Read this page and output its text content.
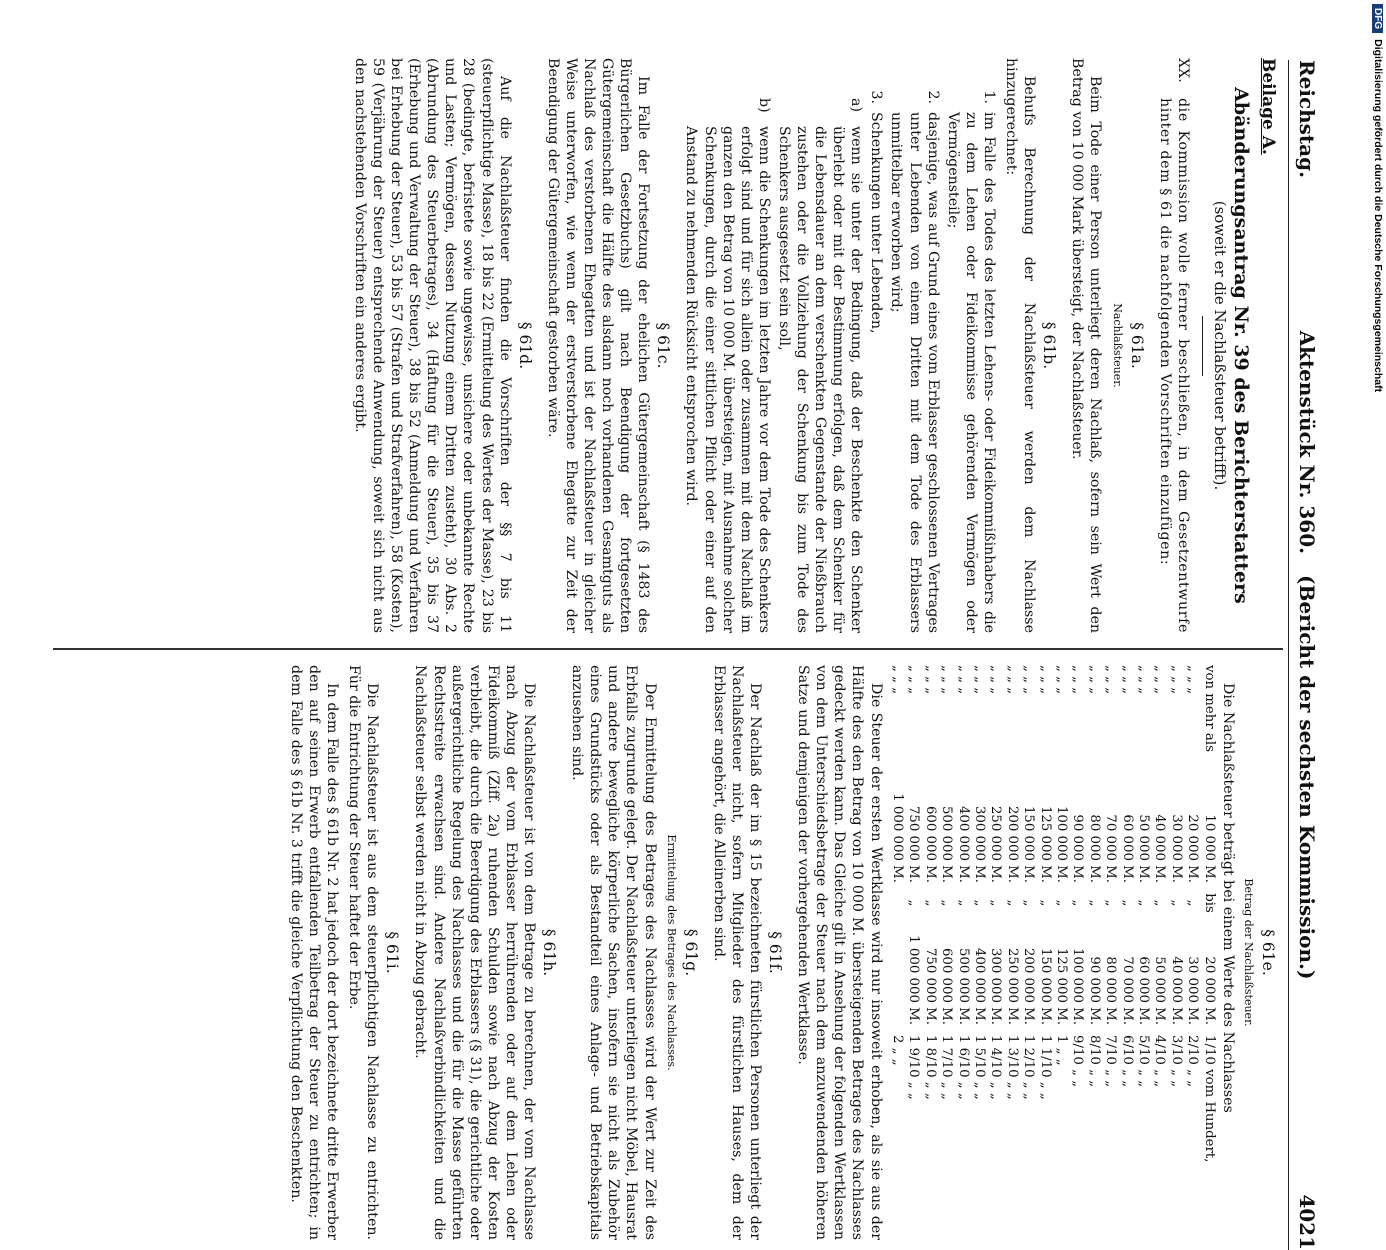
DFGDigitalisierung gefördert durch die Deutsche Forschungsgemeinschaft
Reichstag.
Aktenstück Nr. 360.   (Bericht der sechsten Kommission.)
4021
Beilage A.
Abänderungsantrag Nr. 39 des Berichterstatters
(soweit er die Nachlaßsteuer betrifft).
XX.
die Kommission wolle ferner beschließen, in dem Gesetzentwurfe hinter dem § 61 die nachfolgenden Vorschriften einzufügen:
§ 61a.
Nachlaßsteuer.
Beim Tode einer Person unterliegt deren Nachlaß, sofern sein Wert den Betrag von 10 000 Mark übersteigt, der Nachlaßsteuer.
§ 61b.
Behufs Berechnung der Nachlaßsteuer werden dem Nachlasse hinzugerechnet:
1.
im Falle des Todes des letzten Lehens- oder Fideikommißinhabers die zu dem Lehen oder Fideikommisse gehörenden Vermögen oder Vermögensteile;
2.
dasjenige, was auf Grund eines vom Erblasser geschlossenen Vertrages unter Lebenden von einem Dritten mit dem Tode des Erblassers unmittelbar erworben wird;
3.
Schenkungen unter Lebenden,
a)
wenn sie unter der Bedingung, daß der Beschenkte den Schenker überlebt oder mit der Bestimmung erfolgen, daß dem Schenker für die Lebensdauer an dem verschenkten Gegenstande der Nießbrauch zustehen oder die Vollziehung der Schenkung bis zum Tode des Schenkers ausgesetzt sein soll,
b)
wenn die Schenkungen im letzten Jahre vor dem Tode des Schenkers erfolgt sind und für sich allein oder zusammen mit dem Nachlaß im ganzen den Betrag von 10 000 M. übersteigen, mit Ausnahme solcher Schenkungen, durch die einer sittlichen Pflicht oder einer auf den Anstand zu nehmenden Rücksicht entsprochen wird.
§ 61c.
Im Falle der Fortsetzung der ehelichen Gütergemeinschaft (§ 1483 des Bürgerlichen Gesetzbuchs) gilt nach Beendigung der fortgesetzten Gütergemeinschaft die Hälfte des alsdann noch vorhandenen Gesamtguts als Nachlaß des verstorbenen Ehegatten und ist der Nachlaßsteuer in gleicher Weise unterworfen, wie wenn der erstverstorbene Ehegatte zur Zeit der Beendigung der Gütergemeinschaft gestorben wäre.
§ 61d.
Auf die Nachlaßsteuer finden die Vorschriften der §§ 7 bis 11 (steuerpflichtige Masse), 18 bis 22 (Ermittelung des Wertes der Masse), 23 bis 28 (bedingte, befristete sowie ungewisse, unsichere oder unbekannte Rechte und Lasten; Vermögen, dessen Nutzung einem Dritten zusteht), 30 Abs. 2 (Abrundung des Steuerbetrages), 34 (Haftung für die Steuer), 35 bis 37 (Erhebung und Verwaltung der Steuer), 38 bis 52 (Anmeldung und Verfahren bei Erhebung der Steuer), 53 bis 57 (Strafen und Strafverfahren), 58 (Kosten), 59 (Verjährung der Steuer) entsprechende Anwendung, soweit sich nicht aus den nachstehenden Vorschriften ein anderes ergibt.
§ 61e.
Betrag der Nachlaßsteuer.
Die Nachlaßsteuer beträgt bei einem Werte des Nachlasses
von mehr als	10 000 M.	bis	20 000 M.	1/10 vom Hundert,
„ „ „	20 000 M.	„	30 000 M.	2/10 „ „
„ „ „	30 000 M.	„	40 000 M.	3/10 „ „
„ „ „	40 000 M.	„	50 000 M.	4/10 „ „
„ „ „	50 000 M.	„	60 000 M.	5/10 „ „
„ „ „	60 000 M.	„	70 000 M.	6/10 „ „
„ „ „	70 000 M.	„	80 000 M.	7/10 „ „
„ „ „	80 000 M.	„	90 000 M.	8/10 „ „
„ „ „	90 000 M.	„	100 000 M.	9/10 „ „
„ „ „	100 000 M.	„	125 000 M.	1 „ „
„ „ „	125 000 M.	„	150 000 M.	1 1/10 „ „
„ „ „	150 000 M.	„	200 000 M.	1 2/10 „ „
„ „ „	200 000 M.	„	250 000 M.	1 3/10 „ „
„ „ „	250 000 M.	„	300 000 M.	1 4/10 „ „
„ „ „	300 000 M.	„	400 000 M.	1 5/10 „ „
„ „ „	400 000 M.	„	500 000 M.	1 6/10 „ „
„ „ „	500 000 M.	„	600 000 M.	1 7/10 „ „
„ „ „	600 000 M.	„	750 000 M.	1 8/10 „ „
„ „ „	750 000 M.	„	1 000 000 M.	1 9/10 „ „
„ „ „	1 000 000 M.			2 „ „
Die Steuer der ersten Wertklasse wird nur insoweit erhoben, als sie aus der Hälfte des den Betrag von 10 000 M. übersteigenden Betrages des Nachlasses gedeckt werden kann. Das Gleiche gilt in Ansehung der folgenden Wertklassen von dem Unterschiedsbetrage der Steuer nach dem anzuwendenden höheren Satze und demjenigen der vorhergehenden Wertklasse.
§ 61f.
Der Nachlaß der im § 15 bezeichneten fürstlichen Personen unterliegt der Nachlaßsteuer nicht, sofern Mitglieder des fürstlichen Hauses, dem der Erblasser angehört, die Alleinerben sind.
§ 61g.
Ermittelung des Betrages des Nachlasses.
Der Ermittelung des Betrages des Nachlasses wird der Wert zur Zeit des Erbfalls zugrunde gelegt. Der Nachlaßsteuer unterliegen nicht Möbel, Hausrat und andere bewegliche körperliche Sachen, insofern sie nicht als Zubehör eines Grundstücks oder als Bestandteil eines Anlage- und Betriebskapitals anzusehen sind.
§ 61h.
Die Nachlaßsteuer ist von dem Betrage zu berechnen, der vom Nachlasse nach Abzug der vom Erblasser herrührenden oder auf dem Lehen oder Fideikommiß (Ziff. 2a) ruhenden Schulden sowie nach Abzug der Kosten verbleibt, die durch die Beerdigung des Erblassers (§ 31), die gerichtliche oder außergerichtliche Regelung des Nachlasses und die für die Masse geführten Rechtsstreite erwachsen sind. Andere Nachlaßverbindlichkeiten und die Nachlaßsteuer selbst werden nicht in Abzug gebracht.
§ 61i.
Die Nachlaßsteuer ist aus dem steuerpflichtigen Nachlasse zu entrichten. Für die Entrichtung der Steuer haftet der Erbe.
In dem Falle des § 61b Nr. 2 hat jedoch der dort bezeichnete dritte Erwerber den auf seinen Erwerb entfallenden Teilbetrag der Steuer zu entrichten; in dem Falle des § 61b Nr. 3 trifft die gleiche Verpflichtung den Beschenkten.
